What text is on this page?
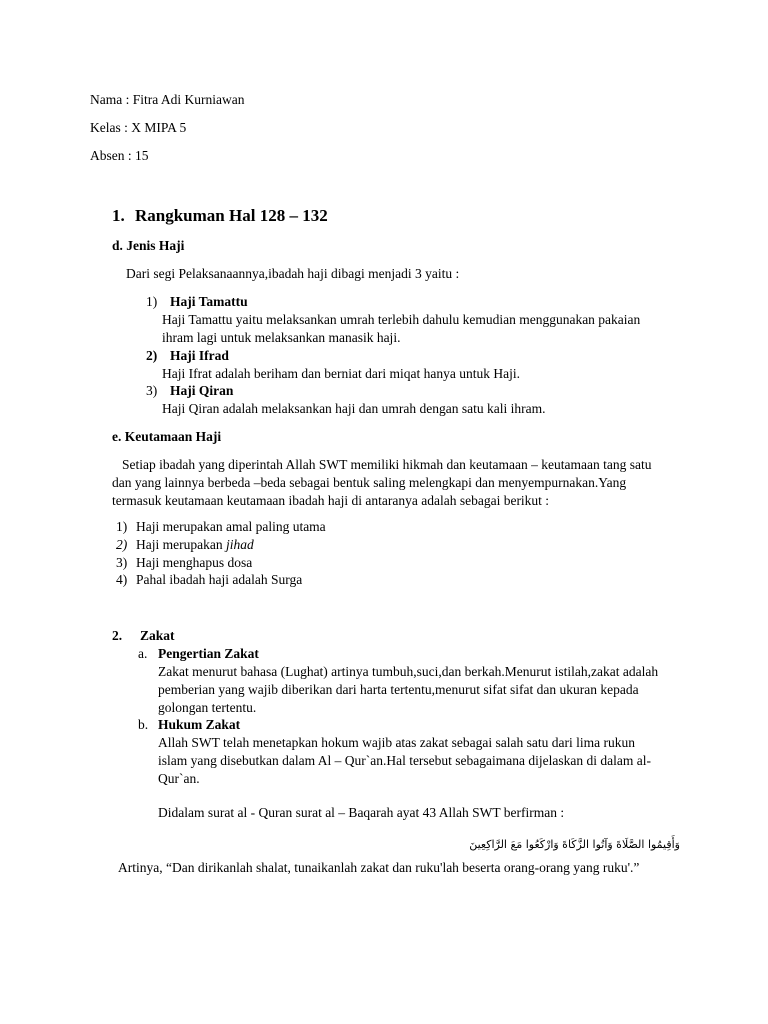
Nama : Fitra Adi Kurniawan
Kelas : X MIPA 5
Absen : 15
1. Rangkuman Hal 128 – 132
d. Jenis Haji
Dari segi Pelaksanaannya,ibadah haji dibagi menjadi 3 yaitu :
1) Haji Tamattu
Haji Tamattu yaitu melaksankan umrah terlebih dahulu kemudian menggunakan pakaian
ihram lagi untuk melaksankan manasik haji.
2) Haji Ifrad
Haji Ifrat adalah beriham dan berniat dari miqat hanya untuk Haji.
3) Haji Qiran
Haji Qiran adalah melaksankan haji dan umrah dengan satu kali ihram.
e. Keutamaan Haji
Setiap ibadah yang diperintah Allah SWT memiliki hikmah dan keutamaan – keutamaan tang satu
dan yang lainnya berbeda –beda sebagai bentuk saling melengkapi dan menyempurnakan.Yang
termasuk keutamaan keutamaan ibadah haji di antaranya adalah sebagai berikut :
1) Haji merupakan amal paling utama
2) Haji merupakan jihad
3) Haji menghapus dosa
4) Pahal ibadah haji adalah Surga
2. Zakat
a. Pengertian Zakat
Zakat menurut bahasa (Lughat) artinya tumbuh,suci,dan berkah.Menurut istilah,zakat adalah
pemberian yang wajib diberikan dari harta tertentu,menurut sifat sifat dan ukuran kepada
golongan tertentu.
b. Hukum Zakat
Allah SWT telah menetapkan hokum wajib atas zakat sebagai salah satu dari lima rukun
islam yang disebutkan dalam Al – Qur`an.Hal tersebut sebagaimana dijelaskan di dalam al-
Qur`an.
Didalam surat al - Quran surat al – Baqarah ayat 43 Allah SWT berfirman :
وَأَقِيمُوا الصَّلَاةَ وَآتُوا الزَّكَاةَ وَارْكَعُوا مَعَ الرَّاكِعِينَ
Artinya, “Dan dirikanlah shalat, tunaikanlah zakat dan ruku'lah beserta orang-orang yang ruku'.”
